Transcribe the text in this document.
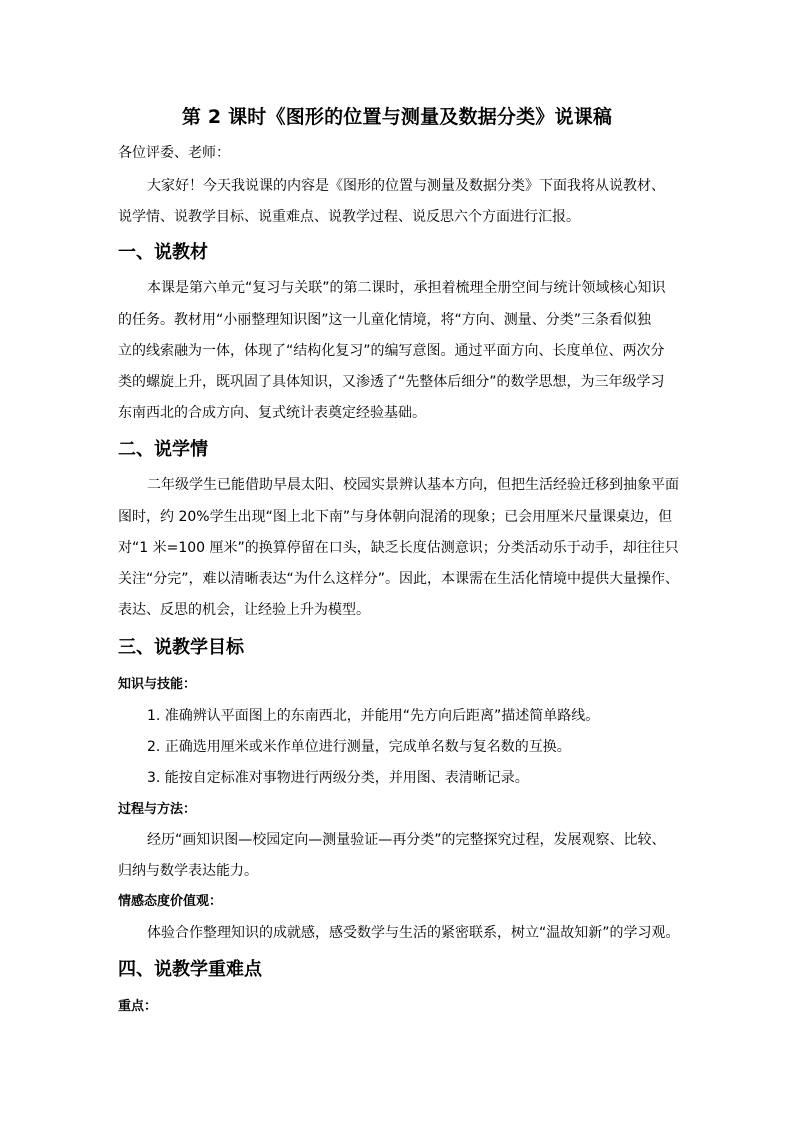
第 2 课时《图形的位置与测量及数据分类》说课稿
各位评委、老师：
大家好！今天我说课的内容是《图形的位置与测量及数据分类》下面我将从说教材、
说学情、说教学目标、说重难点、说教学过程、说反思六个方面进行汇报。
一、说教材
本课是第六单元“复习与关联”的第二课时，承担着梳理全册空间与统计领域核心知识
的任务。教材用“小丽整理知识图”这一儿童化情境，将“方向、测量、分类”三条看似独
立的线索融为一体，体现了“结构化复习”的编写意图。通过平面方向、长度单位、两次分
类的螺旋上升，既巩固了具体知识，又渗透了“先整体后细分”的数学思想，为三年级学习
东南西北的合成方向、复式统计表奠定经验基础。
二、说学情
二年级学生已能借助早晨太阳、校园实景辨认基本方向，但把生活经验迁移到抽象平面
图时，约 20%学生出现“图上北下南”与身体朝向混淆的现象；已会用厘米尺量课桌边，但
对“1 米=100 厘米”的换算停留在口头，缺乏长度估测意识；分类活动乐于动手，却往往只
关注“分完”，难以清晰表达“为什么这样分”。因此，本课需在生活化情境中提供大量操作、
表达、反思的机会，让经验上升为模型。
三、说教学目标
知识与技能：
1. 准确辨认平面图上的东南西北，并能用“先方向后距离”描述简单路线。
2. 正确选用厘米或米作单位进行测量，完成单名数与复名数的互换。
3. 能按自定标准对事物进行两级分类，并用图、表清晰记录。
过程与方法：
经历“画知识图—校园定向—测量验证—再分类”的完整探究过程，发展观察、比较、
归纳与数学表达能力。
情感态度价值观：
体验合作整理知识的成就感，感受数学与生活的紧密联系，树立“温故知新”的学习观。
四、说教学重难点
重点：
